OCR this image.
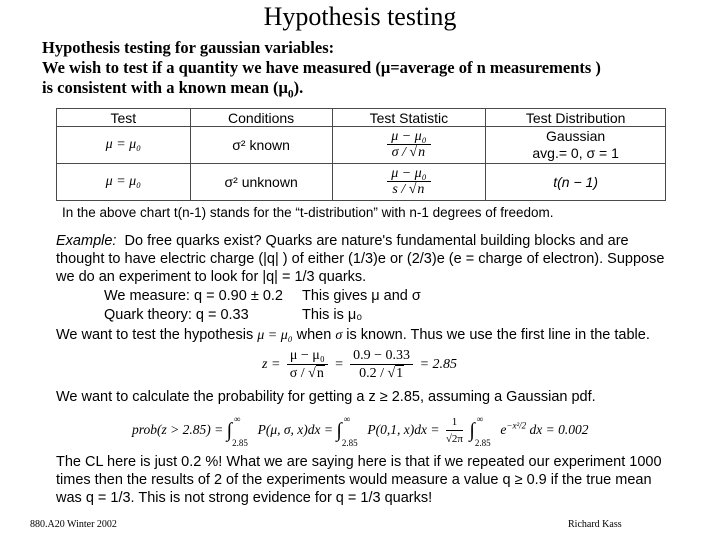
Hypothesis testing
Hypothesis testing for gaussian variables:
We wish to test if a quantity we have measured (μ=average of n measurements )
is consistent with a known mean $(\mu_0)$.
Test	Conditions	Test Statistic	Test Distribution
μ = μ₀	σ² known	$\frac{\text{μ − μ₀}}{\sigma / √n}$	Gaussian
avg.= 0, σ = 1

μ = μ₀	σ² unknown	$\frac{\text{μ − μ₀}}{s / √n}$	t(n − 1)
In the above chart t(n-1) stands for the “t-distribution” with n-1 degrees of freedom.
Example: Do free quarks exist? Quarks are nature's fundamental building blocks and are
thought to have electric charge (|q| ) of either (1/3)e or (2/3)e (e = charge of electron). Suppose
we do an experiment to look for |q| = 1/3 quarks.
We measure: q = 0.90 ± 0.2 This gives μ and σ
Quark theory: q = 0.33	This is μ₀
We want to test the hypothesis μ = μ₀ when σ is known. Thus we use the first line in the table.
$z = \frac{\text{μ − μ₀}}{\sigma / √n} = \frac{0.9 - 0.33}{0.2 / √1} = 2.85$
We want to calculate the probability for getting a z ≥ 2.85, assuming a Gaussian pdf.
prob(z > $2.85) = \int_{2.85}^\infty$ P(μ, σ, $x)dx = \int_{2.85}^\infty$ P(0,1, $x)dx = \frac{1}{√2\pi} \int_{2.85}^\infty$ $e^{-x^2/2}$ dx = 0.002
The CL here is just 0.2 %! What we are saying here is that if we repeated our experiment 1000
times then the results of 2 of the experiments would measure a value q ≥ 0.9 if the true mean
was q = 1/3. This is not strong evidence for q = 1/3 quarks!
880.A20 Winter 2002	Richard Kass
